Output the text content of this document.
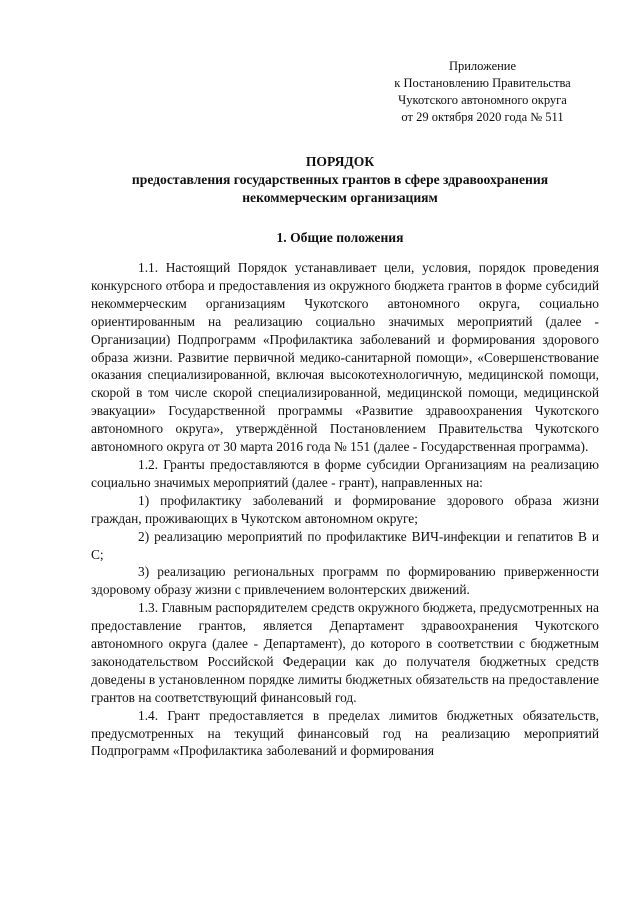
Приложение
к Постановлению Правительства
Чукотского автономного округа
от 29 октября 2020 года № 511
ПОРЯДОК
предоставления государственных грантов в сфере здравоохранения
некоммерческим организациям
1. Общие положения

1.1. Настоящий Порядок устанавливает цели, условия, порядок проведения конкурсного отбора и предоставления из окружного бюджета грантов в форме субсидий некоммерческим организациям Чукотского автономного округа, социально ориентированным на реализацию социально значимых мероприятий (далее - Организации) Подпрограмм «Профилактика заболеваний и формирования здорового образа жизни. Развитие первичной медико-санитарной помощи», «Совершенствование оказания специализированной, включая высокотехнологичную, медицинской помощи, скорой в том числе скорой специализированной, медицинской помощи, медицинской эвакуации» Государственной программы «Развитие здравоохранения Чукотского автономного округа», утверждённой Постановлением Правительства Чукотского автономного округа от 30 марта 2016 года № 151 (далее - Государственная программа).

1.2. Гранты предоставляются в форме субсидии Организациям на реализацию социально значимых мероприятий (далее - грант), направленных на:

1) профилактику заболеваний и формирование здорового образа жизни граждан, проживающих в Чукотском автономном округе;

2) реализацию мероприятий по профилактике ВИЧ-инфекции и гепатитов В и С;

3) реализацию региональных программ по формированию приверженности здоровому образу жизни с привлечением волонтерских движений.

1.3. Главным распорядителем средств окружного бюджета, предусмотренных на предоставление грантов, является Департамент здравоохранения Чукотского автономного округа (далее - Департамент), до которого в соответствии с бюджетным законодательством Российской Федерации как до получателя бюджетных средств доведены в установленном порядке лимиты бюджетных обязательств на предоставление грантов на соответствующий финансовый год.

1.4. Грант предоставляется в пределах лимитов бюджетных обязательств, предусмотренных на текущий финансовый год на реализацию мероприятий Подпрограмм «Профилактика заболеваний и формирования
